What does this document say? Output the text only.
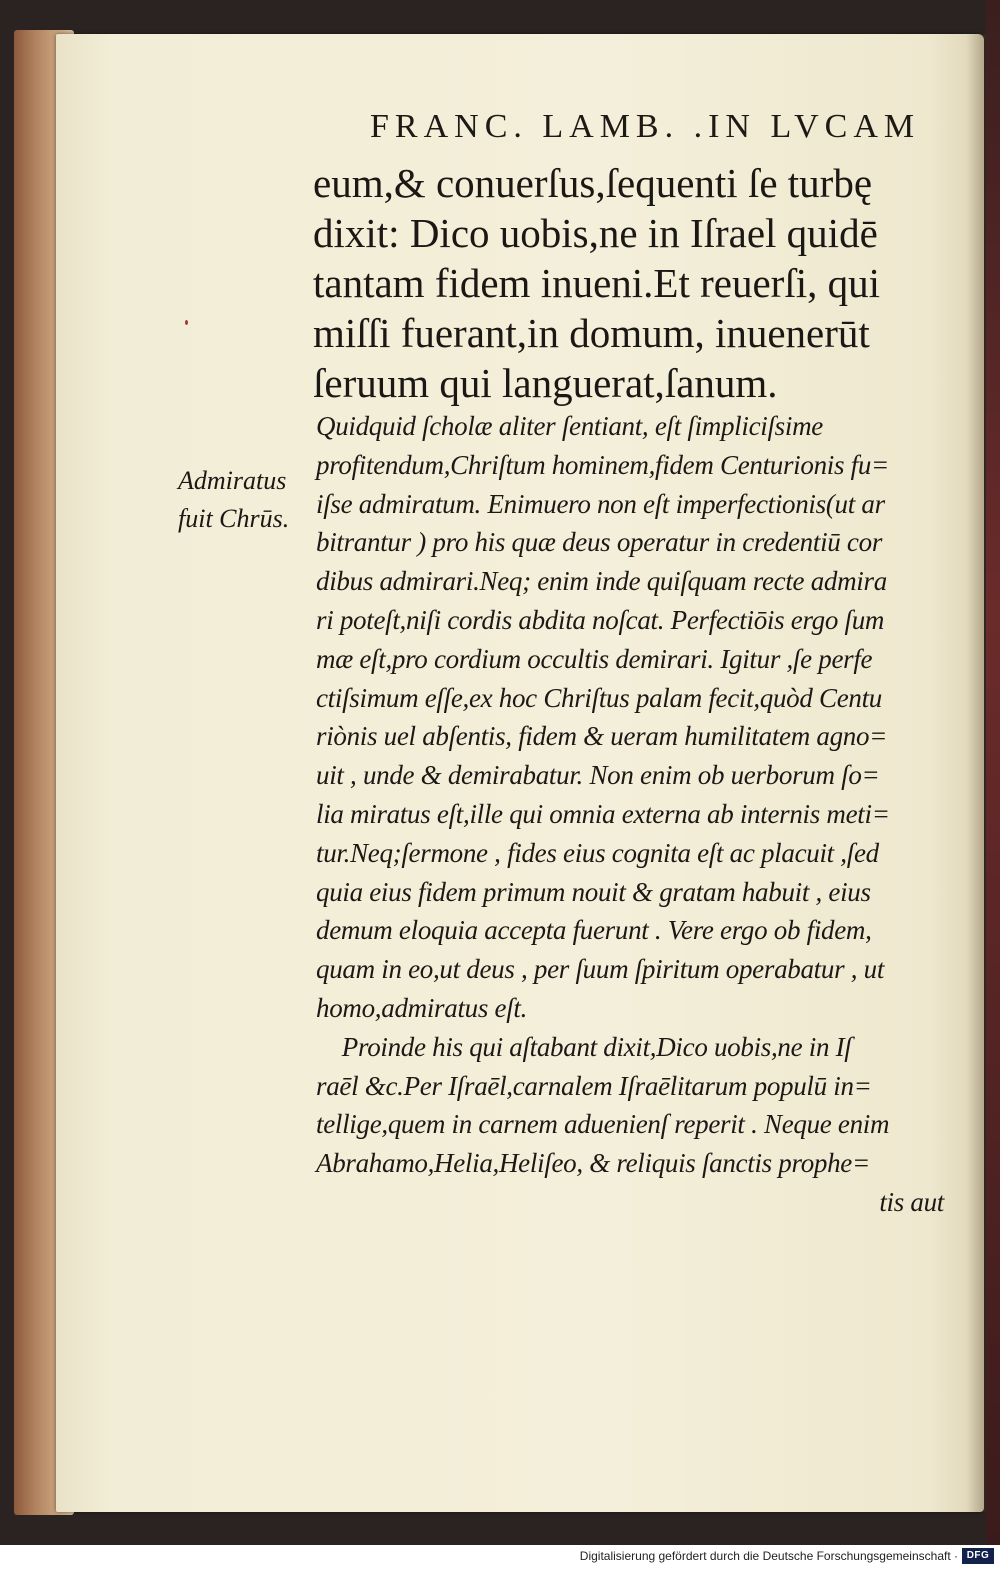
FRANC. LAMB. .IN LVCAM
eum,& conuerſus,ſequenti ſe turbę
dixit: Dico uobis,ne in Iſrael quidē
tantam fidem inueni.Et reuerſi, qui
miſſi fuerant,in domum, inuenerūt
ſeruum qui languerat,ſanum.
Admiratus
fuit Chrūs.
Quidquid ſcholæ aliter ſentiant, eſt ſimpliciſsime
profitendum,Chriſtum hominem,fidem Centurionis fu=
iſse admiratum. Enimuero non eſt imperfectionis(ut ar
bitrantur ) pro his quæ deus operatur in credentiū cor
dibus admirari.Neq; enim inde quiſquam recte admira
ri poteſt,niſi cordis abdita noſcat. Perfectiōis ergo ſum
mæ eſt,pro cordium occultis demirari. Igitur ,ſe perfe
ctiſsimum eſſe,ex hoc Chriſtus palam fecit,quòd Centu
riònis uel abſentis, fidem & ueram humilitatem agno=
uit , unde & demirabatur. Non enim ob uerborum ſo=
lia miratus eſt,ille qui omnia externa ab internis meti=
tur.Neq;ſermone , fides eius cognita eſt ac placuit ,ſed
quia eius fidem primum nouit & gratam habuit , eius
demum eloquia accepta fuerunt . Vere ergo ob fidem,
quam in eo,ut deus , per ſuum ſpiritum operabatur , ut
homo,admiratus eſt.
Proinde his qui aſtabant dixit,Dico uobis,ne in Iſ
raēl &c.Per Iſraēl,carnalem Iſraēlitarum populū in=
tellige,quem in carnem aduenienſ reperit . Neque enim
Abrahamo,Helia,Heliſeo, & reliquis ſanctis prophe=
tis aut
Digitalisierung gefördert durch die Deutsche Forschungsgemeinschaft · DFG
